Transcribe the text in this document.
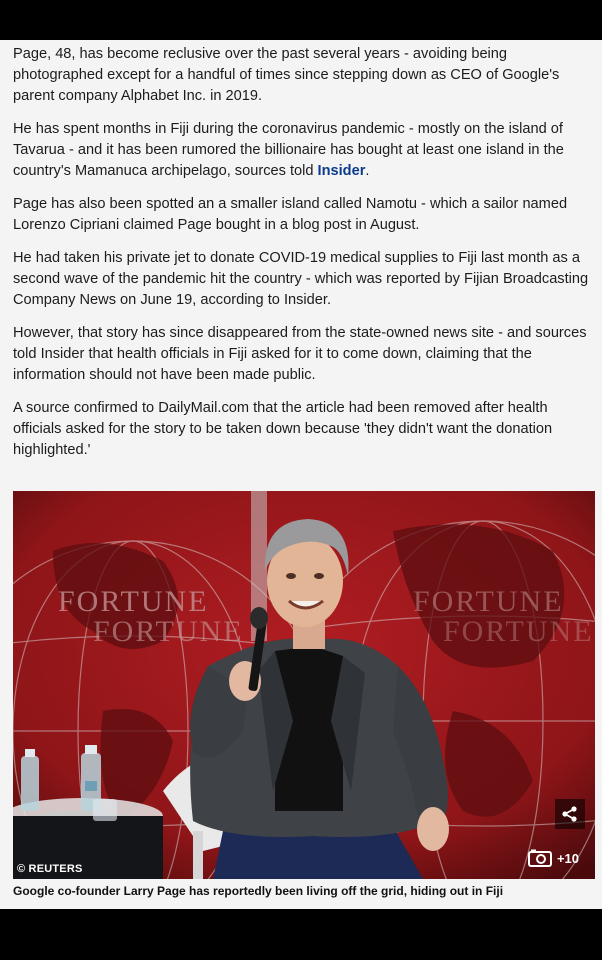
Page, 48, has become reclusive over the past several years - avoiding being photographed except for a handful of times since stepping down as CEO of Google's parent company Alphabet Inc. in 2019.

He has spent months in Fiji during the coronavirus pandemic - mostly on the island of Tavarua - and it has been rumored the billionaire has bought at least one island in the country's Mamanuca archipelago, sources told Insider.

Page has also been spotted an a smaller island called Namotu - which a sailor named Lorenzo Cipriani claimed Page bought in a blog post in August.

He had taken his private jet to donate COVID-19 medical supplies to Fiji last month as a second wave of the pandemic hit the country - which was reported by Fijian Broadcasting Company News on June 19, according to Insider.

However, that story has since disappeared from the state-owned news site - and sources told Insider that health officials in Fiji asked for it to come down, claiming that the information should not have been made public.

A source confirmed to DailyMail.com that the article had been removed after health officials asked for the story to be taken down because 'they didn't want the donation highlighted.'

FORTUNE
FORTUNE
FORTUNE
FORTUNE
+10
© REUTERS
Google co-founder Larry Page has reportedly been living off the grid, hiding out in Fiji
